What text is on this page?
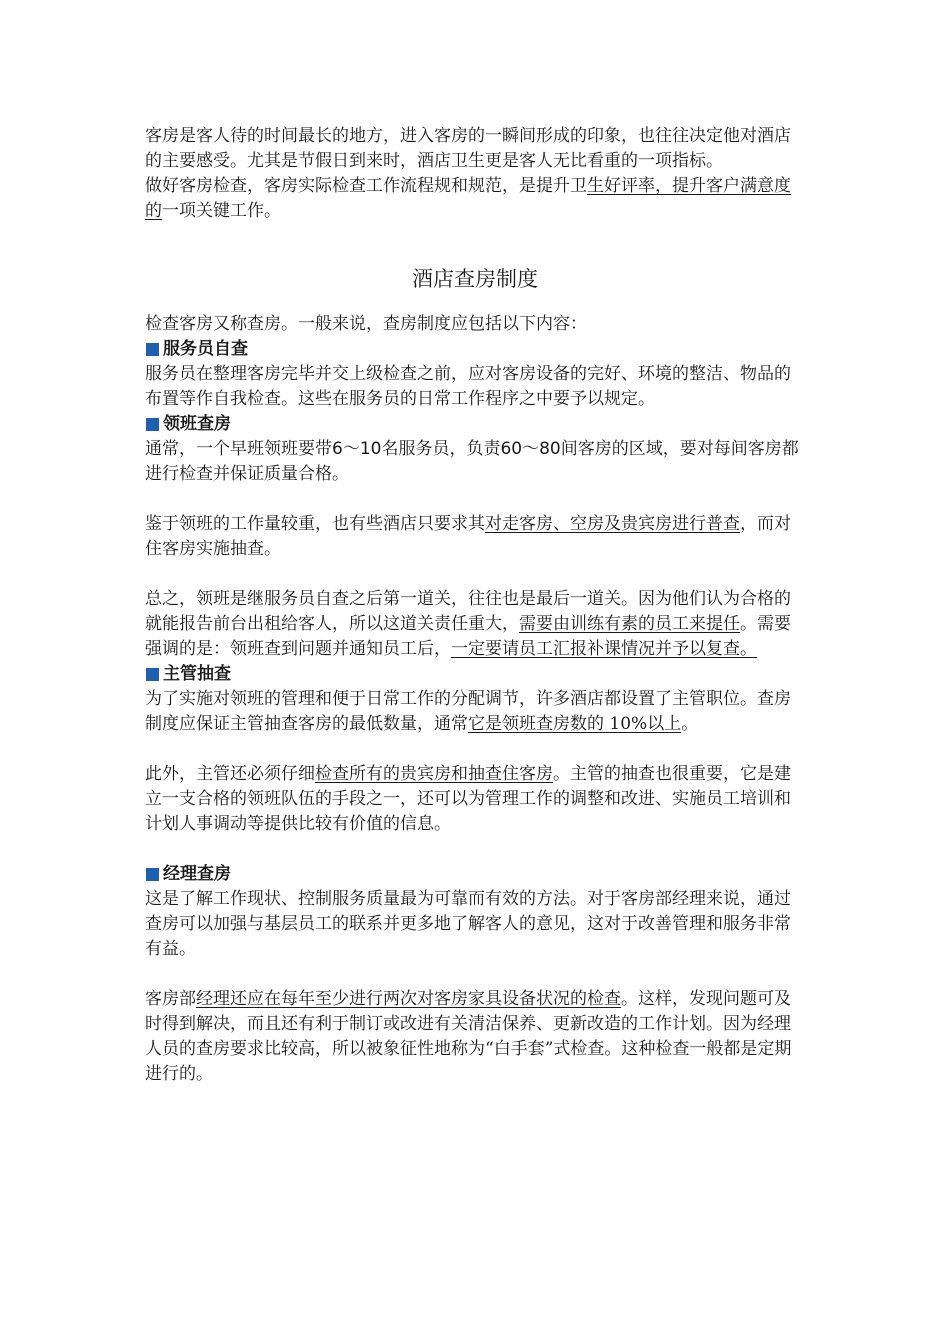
客房是客人待的时间最长的地方，进入客房的一瞬间形成的印象，也往往决定他对酒店的主要感受。尤其是节假日到来时，酒店卫生更是客人无比看重的一项指标。

做好客房检查，客房实际检查工作流程规和规范，是提升卫生好评率，提升客户满意度的一项关键工作。

酒店查房制度

检查客房又称查房。一般来说，查房制度应包括以下内容：

服务员自查

服务员在整理客房完毕并交上级检查之前，应对客房设备的完好、环境的整洁、物品的布置等作自我检查。这些在服务员的日常工作程序之中要予以规定。

领班查房

通常，一个早班领班要带6～10名服务员，负责60～80间客房的区域，要对每间客房都进行检查并保证质量合格。

鉴于领班的工作量较重，也有些酒店只要求其对走客房、空房及贵宾房进行普查，而对住客房实施抽查。

总之，领班是继服务员自查之后第一道关，往往也是最后一道关。因为他们认为合格的就能报告前台出租给客人，所以这道关责任重大，需要由训练有素的员工来提任。需要强调的是：领班查到问题并通知员工后，一定要请员工汇报补课情况并予以复查。

主管抽查

为了实施对领班的管理和便于日常工作的分配调节，许多酒店都设置了主管职位。查房制度应保证主管抽查客房的最低数量，通常它是领班查房数的 10%以上。

此外，主管还必须仔细检查所有的贵宾房和抽查住客房。主管的抽查也很重要，它是建立一支合格的领班队伍的手段之一，还可以为管理工作的调整和改进、实施员工培训和计划人事调动等提供比较有价值的信息。

经理查房

这是了解工作现状、控制服务质量最为可靠而有效的方法。对于客房部经理来说，通过查房可以加强与基层员工的联系并更多地了解客人的意见，这对于改善管理和服务非常有益。

客房部经理还应在每年至少进行两次对客房家具设备状况的检查。这样，发现问题可及时得到解决，而且还有利于制订或改进有关清洁保养、更新改造的工作计划。因为经理人员的查房要求比较高，所以被象征性地称为“白手套”式检查。这种检查一般都是定期进行的。
